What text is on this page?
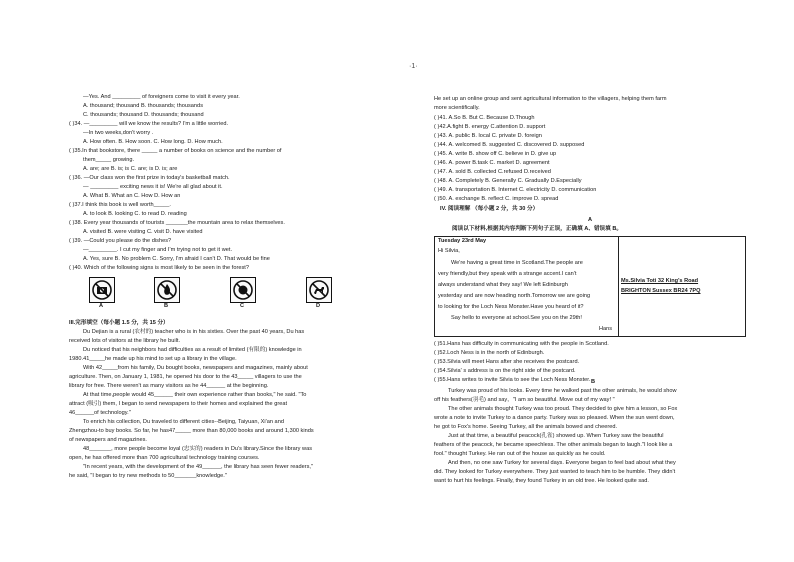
·1·
—Yes. And _________ of foreigners come to visit it every year.
A. thousand; thousand B. thousands; thousands
C. thousands; thousand D. thousands; thousand
( )34. —_________ will we know the results? I'm a little worried.
—In two weeks,don't worry .
A. How often. B. How soon. C. How long. D. How much.
( )35.In that bookstore, there _____ a number of books on science and the number of
them_____ growing.
A. are; are B. is; is C. are; is D. is; are
( )36. —Our class won the first prize in today's basketball match.
— _________ exciting news it is! We're all glad about it.
A. What B. What an C. How D. How an
( )37.I think this book is well worth_____.
A. to look B. looking C. to read D. reading
( )38. Every year thousands of tourists _______the mountain area to relax themselves.
A. visited B. were visiting C. visit D. have visited
( )39. —Could you please do the dishes?
—_________. I cut my finger and I'm trying not to get it wet.
A. Yes, sure B. No problem C. Sorry, I'm afraid I can't D. That would be fine
( )40. Which of the following signs is most likely to be seen in the forest?
A	B	C	D
III.完形填空（每小题 1.5 分，共 15 分）
Du Dejian is a rural (农村的) teacher who is in his sixties. Over the past 40 years, Du has
received lots of visitors at the library he built.
Du noticed that his neighbors had difficulties as a result of limited (有限的) knowledge in
1980.41_____he made up his mind to set up a library in the village.
With 42_____from his family, Du bought books, newspapers and magazines, mainly about
agriculture. Then, on January 1, 1981, he opened his door to the 43_____ villagers to use the
library for free. There weren't as many visitors as he 44______ at the beginning.
At that time,people would 45______ their own experience rather than books," he said. "To
attract (吸引) them, I began to send newspapers to their homes and explained the great
46______of technology."
To enrich his collection, Du traveled to different cities--Beijing, Taiyuan, Xi'an and
Zhengzhou-to buy books. So far, he has47_____ more than 80,000 books and around 1,300 kinds
of newspapers and magazines.
48_______, more people become loyal (忠实的) readers in Du's library.Since the library was
open, he has offered more than 700 agricultural technology training courses.
"In recent years, with the development of the 49______, the library has seen fewer readers,"
he said, "I began to try new methods to 50_______knowledge."
He set up an online group and sent agricultural information to the villagers, helping them farm
more scientifically.
( )41. A.So B. But C. Because D.Though
( )42.A.fight B. energy C.attention D. support
( )43. A. public B. local C. private D. foreign
( )44. A. welcomed B. suggested C. discovered D. supposed
( )45. A. write B. show off C. believe in D. give up
( )46. A. power B.task C. market D. agreement
( )47. A. sold B. collected C.refused D.received
( )48. A. Completely B. Generally C. Gradually D.Especially
( )49. A. transportation B. Internet C. electricity D. communication
( )50. A. exchange B. reflect C. improve D. spread
IV. 阅读理解 （每小题 2 分，共 30 分）
A
阅读以下材料,根据其内容判断下列句子正误，正确填 A、错误填 B。
Tuesday 23rd May
Hi Silvia,
We're having a great time in Scotland.The people are
very friendly,but they speak with a strange accent.I can't
always understand what they say! We left Edinburgh
yesterday and are now heading north.Tomorrow we are going
to looking for the Loch Ness Monster.Have you heard of it?
Say hello to everyone at school.See you on the 29th!
Hans
Ms.Silvia Toti 32 King's Road
BRIGHTON Sussex BR24 7PQ
( )51.Hans has difficulty in communicating with the people in Scotland.
( )52.Loch Ness is in the north of Edinburgh.
( )53.Silvia will meet Hans after she receives the postcard.
( )54.Silvia' s address is on the right side of the postcard.
( )55.Hans writes to invite Silvia to see the Loch Ness Monster. B
Turkey was proud of his looks. Every time he walked past the other animals, he would show
off his feathers(羽毛) and say，"I am so beautiful. Move out of my way! "
The other animals thought Turkey was too proud. They decided to give him a lesson, so Fox
wrote a note to invite Turkey to a dance party. Turkey was so pleased. When the sun went down,
he got to Fox's home. Seeing Turkey, all the animals bowed and cheered.
Just at that time, a beautiful peacock(孔雀) showed up. When Turkey saw the beautiful
feathers of the peacock, he became speechless. The other animals began to laugh."I look like a
fool." thought Turkey. He ran out of the house as quickly as he could.
And then, no one saw Turkey for several days. Everyone began to feel bad about what they
did. They looked for Turkey everywhere. They just wanted to teach him to be humble. They didn't
want to hurt his feelings. Finally, they found Turkey in an old tree. He looked quite sad.
